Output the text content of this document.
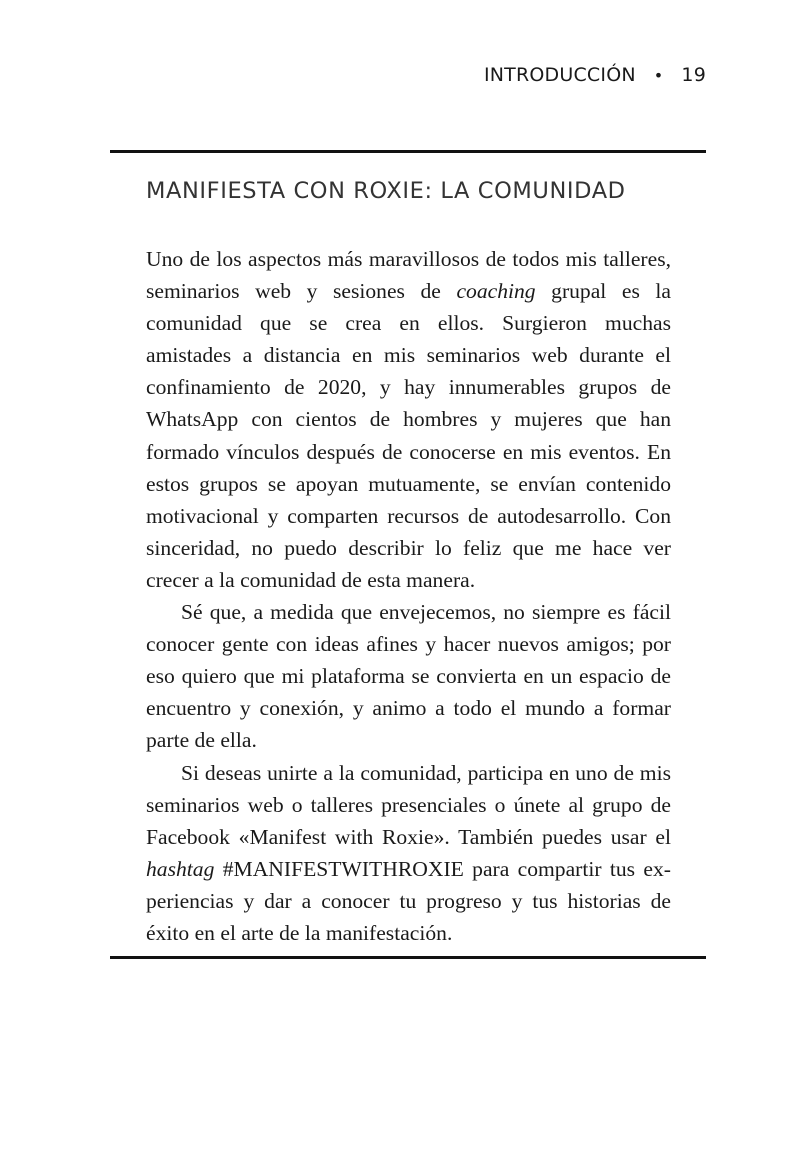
INTRODUCCIÓN • 19
MANIFIESTA CON ROXIE: LA COMUNIDAD

Uno de los aspectos más maravillosos de todos mis talleres, seminarios web y sesiones de coaching grupal es la comunidad que se crea en ellos. Surgieron muchas amistades a distancia en mis seminarios web durante el confinamiento de 2020, y hay innumerables grupos de WhatsApp con cientos de hombres y mujeres que han formado vínculos después de conocerse en mis eventos. En estos grupos se apoyan mutuamente, se envían contenido motivacional y comparten recursos de autodesarrollo. Con sinceridad, no puedo describir lo feliz que me hace ver crecer a la comunidad de esta manera.

Sé que, a medida que envejecemos, no siempre es fácil conocer gente con ideas afines y hacer nuevos amigos; por eso quiero que mi plataforma se convierta en un espacio de encuentro y conexión, y animo a todo el mundo a formar parte de ella.

Si deseas unirte a la comunidad, participa en uno de mis seminarios web o talleres presenciales o únete al grupo de Facebook «Manifest with Roxie». También puedes usar el hashtag #MANIFESTWITHROXIE para compartir tus experiencias y dar a conocer tu progreso y tus historias de éxito en el arte de la manifestación.
